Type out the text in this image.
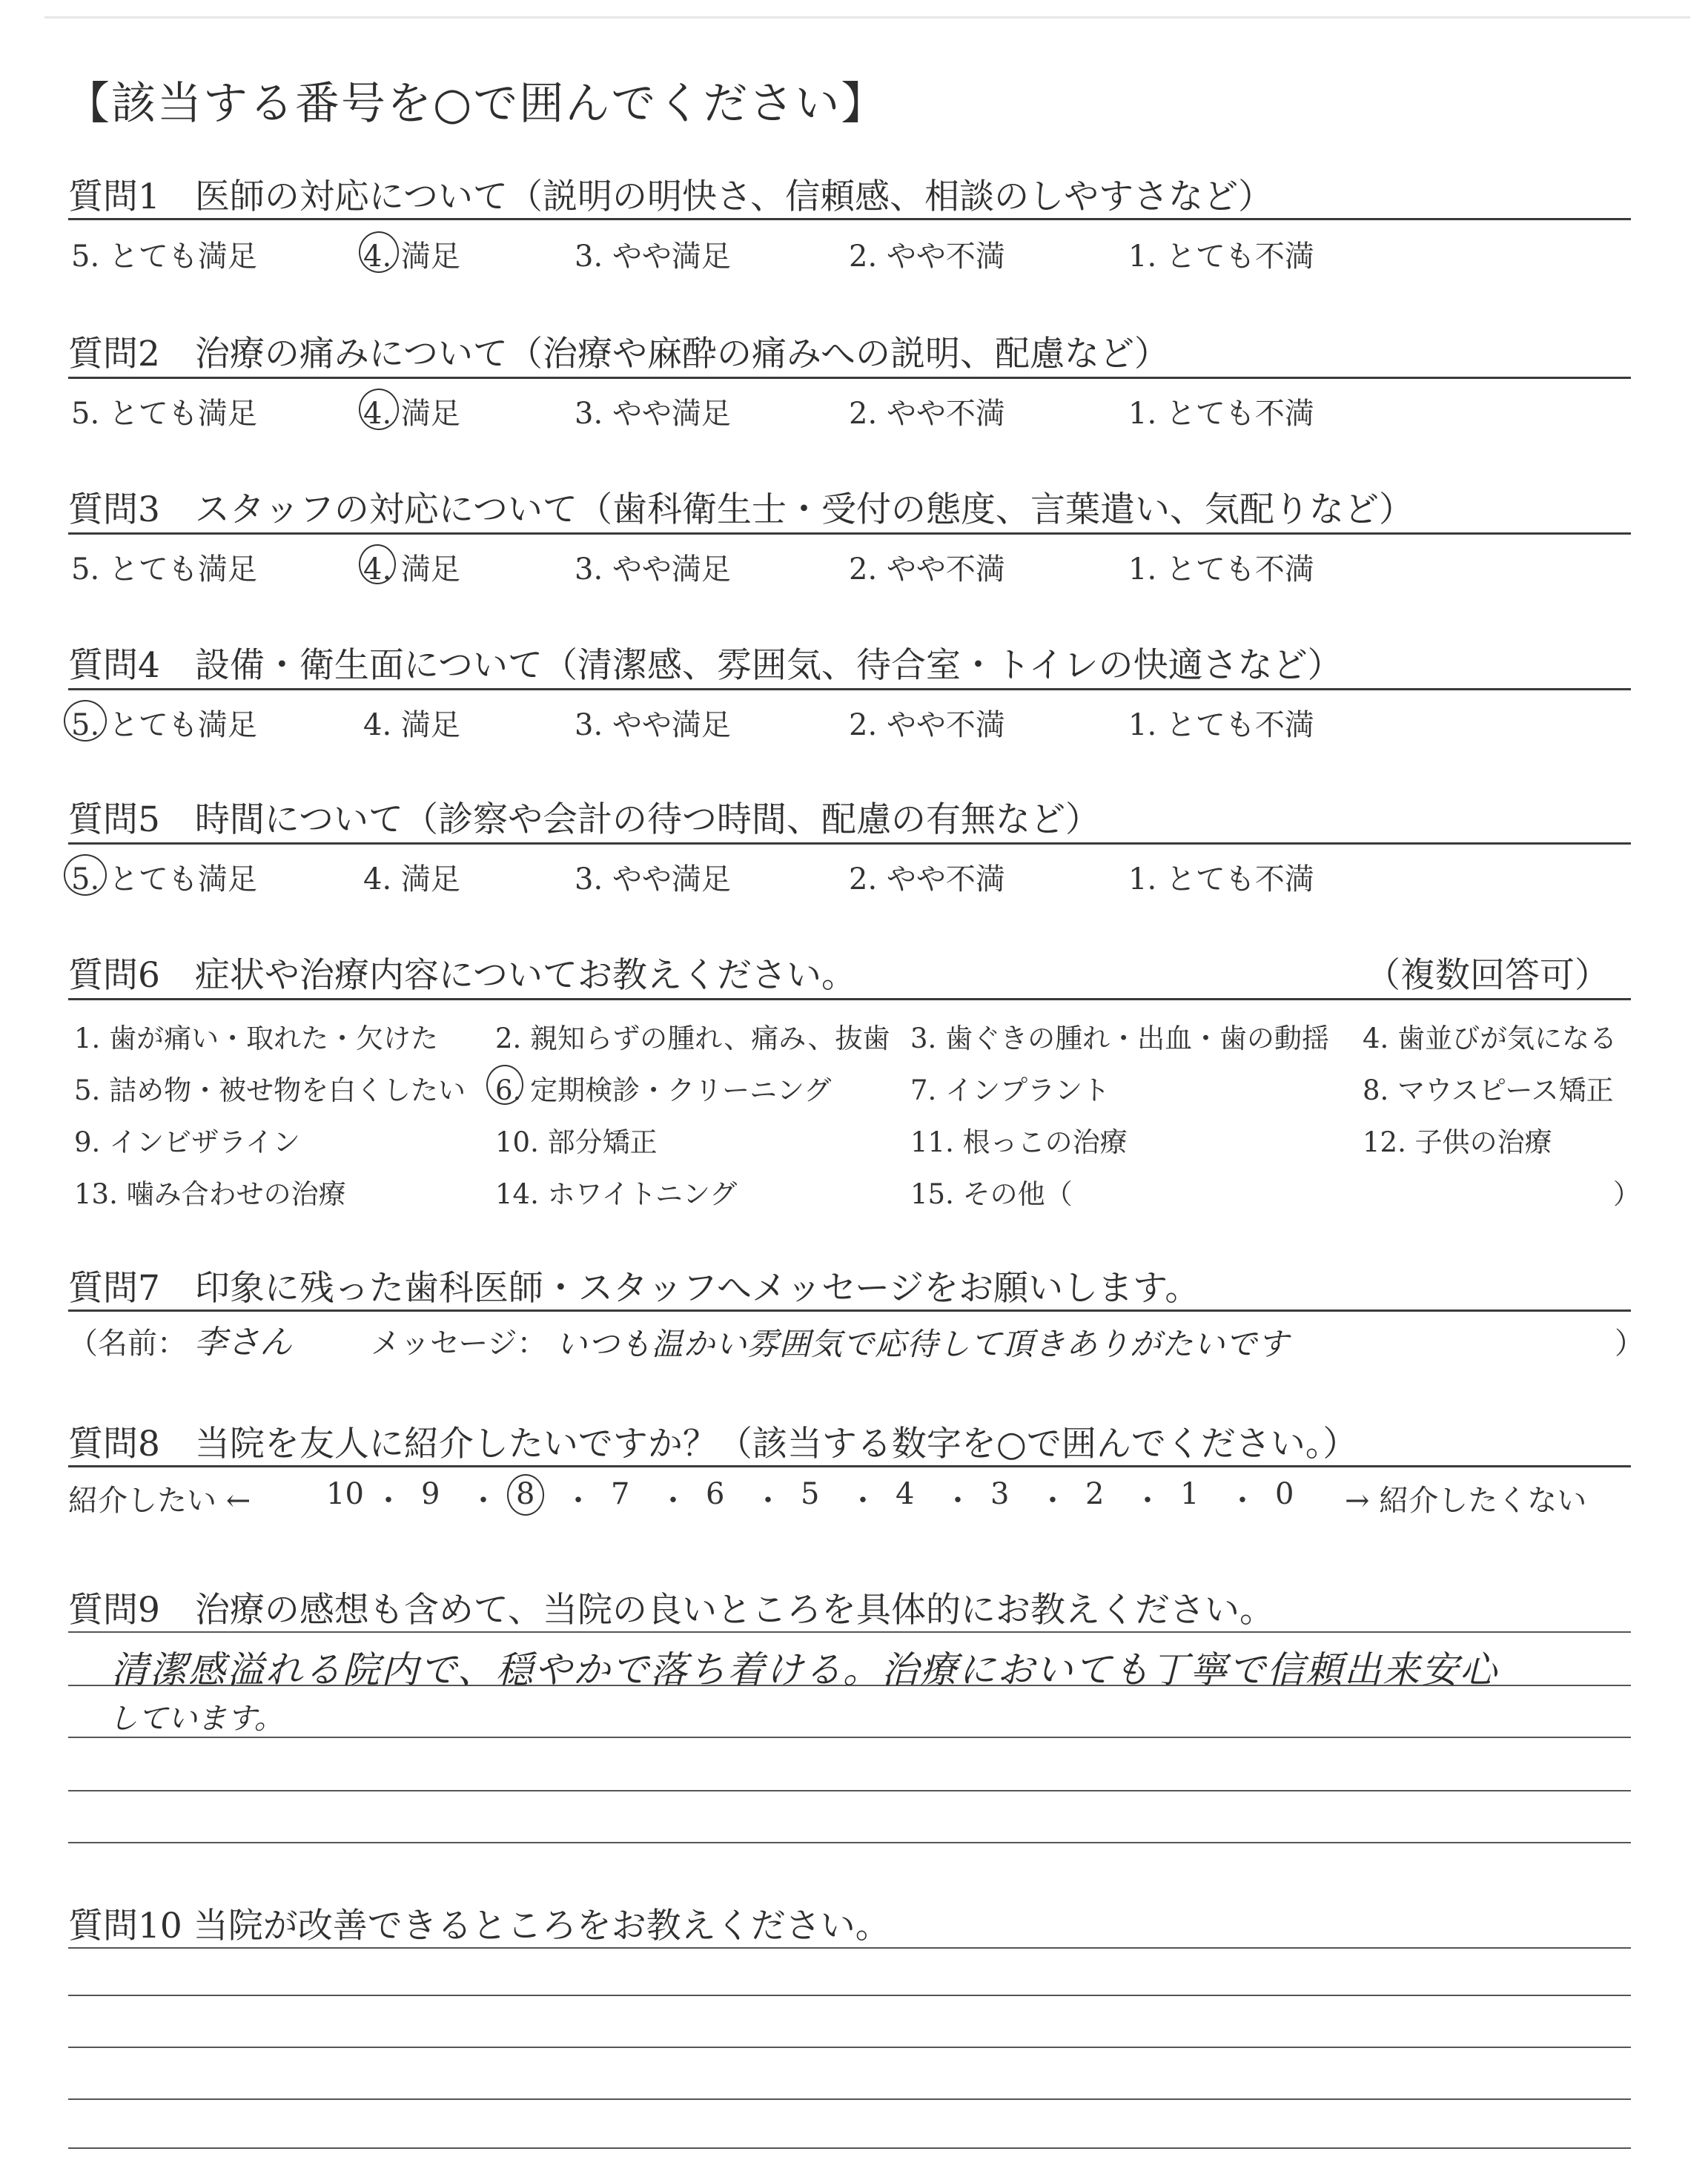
【該当する番号を○で囲んでください】
質問1　医師の対応について（説明の明快さ、信頼感、相談のしやすさなど）
5. とても満足	4. 満足	3. やや満足	2. やや不満	1. とても不満
質問2　治療の痛みについて（治療や麻酔の痛みへの説明、配慮など）
5. とても満足	4. 満足	3. やや満足	2. やや不満	1. とても不満
質問3　スタッフの対応について（歯科衛生士・受付の態度、言葉遣い、気配りなど）
5. とても満足	4. 満足	3. やや満足	2. やや不満	1. とても不満
質問4　設備・衛生面について（清潔感、雰囲気、待合室・トイレの快適さなど）
5. とても満足	4. 満足	3. やや満足	2. やや不満	1. とても不満
質問5　時間について（診察や会計の待つ時間、配慮の有無など）
5. とても満足	4. 満足	3. やや満足	2. やや不満	1. とても不満
質問6　症状や治療内容についてお教えください。	（複数回答可）
1. 歯が痛い・取れた・欠けた 2. 親知らずの腫れ、痛み、抜歯 3. 歯ぐきの腫れ・出血・歯の動揺 4. 歯並びが気になる
5. 詰め物・被せ物を白くしたい 6. 定期検診・クリーニング	7. インプラント	8. マウスピース矯正
9. インビザライン	10. 部分矯正	11. 根っこの治療	12. 子供の治療
13. 噛み合わせの治療	14. ホワイトニング	15. その他（	）
質問7　印象に残った歯科医師・スタッフへメッセージをお願いします。
（名前： 李さん	メッセージ： いつも温かい雰囲気で応待して頂きありがたいです	）
質問8　当院を友人に紹介したいですか？（該当する数字を○で囲んでください。）
紹介したい ←	10 ・ 9 ・ 8 ・ 7 ・ 6 ・ 5 ・ 4 ・ 3 ・ 2 ・ 1 ・ 0 → 紹介したくない
質問9　治療の感想も含めて、当院の良いところを具体的にお教えください。
清潔感溢れる院内で、穏やかで落ち着ける。治療においても丁寧で信頼出来安心
しています。
質問10 当院が改善できるところをお教えください。
